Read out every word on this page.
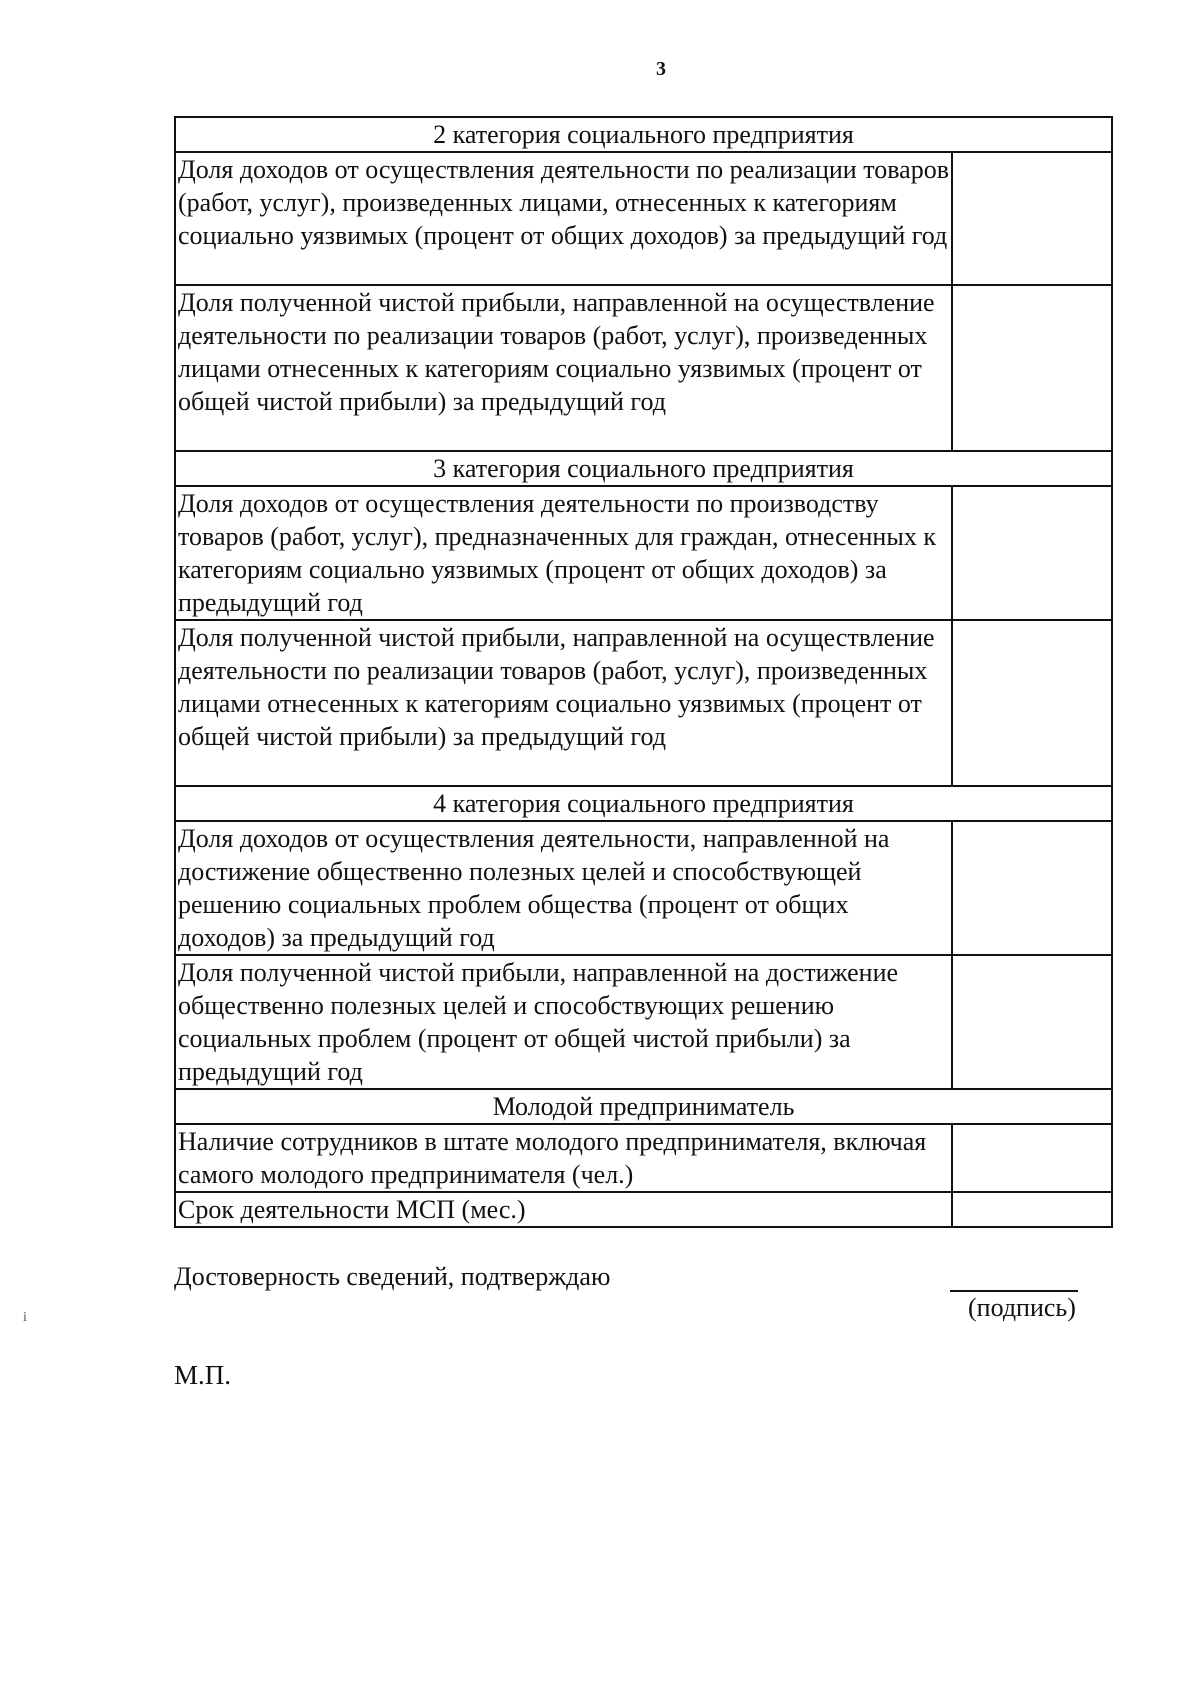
3
2 категория социального предприятия	
Доля доходов от осуществления деятельности по реализации товаров (работ, услуг), произведенных лицами, отнесенных к категориям социально уязвимых (процент от общих доходов) за предыдущий год	
Доля полученной чистой прибыли, направленной на осуществление деятельности по реализации товаров (работ, услуг), произведенных лицами отнесенных к категориям социально уязвимых (процент от общей чистой прибыли) за предыдущий год	
3 категория социального предприятия	
Доля доходов от осуществления деятельности по производству товаров (работ, услуг), предназначенных для граждан, отнесенных к категориям социально уязвимых (процент от общих доходов) за предыдущий год	
Доля полученной чистой прибыли, направленной на осуществление деятельности по реализации товаров (работ, услуг), произведенных лицами отнесенных к категориям социально уязвимых (процент от общей чистой прибыли) за предыдущий год	
4 категория социального предприятия	
Доля доходов от осуществления деятельности, направленной на достижение общественно полезных целей и способствующей решению социальных проблем общества (процент от общих доходов) за предыдущий год	
Доля полученной чистой прибыли, направленной на достижение общественно полезных целей и способствующих решению социальных проблем (процент от общей чистой прибыли) за предыдущий год	
Молодой предприниматель	
Наличие сотрудников в штате молодого предпринимателя, включая самого молодого предпринимателя (чел.)	
Срок деятельности МСП (мес.)	
Достоверность сведений, подтверждаю
(подпись)
М.П.
i
